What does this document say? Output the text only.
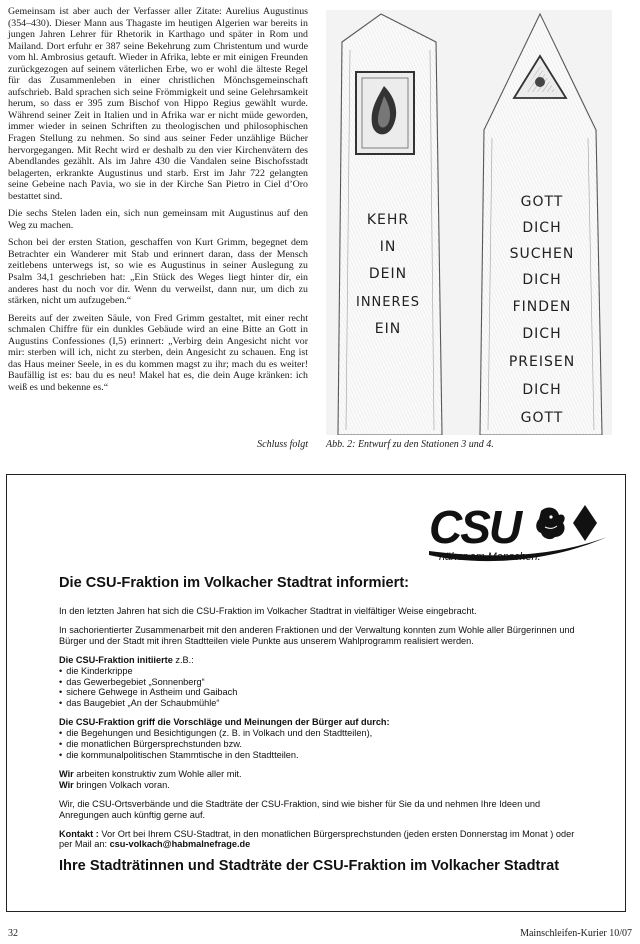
Gemeinsam ist aber auch der Verfasser aller Zitate: Aurelius Augustinus (354–430). Dieser Mann aus Thagaste im heutigen Algerien war bereits in jungen Jahren Lehrer für Rhetorik in Karthago und später in Rom und Mailand. Dort erfuhr er 387 seine Bekehrung zum Christentum und wurde vom hl. Ambrosius getauft. Wieder in Afrika, lebte er mit einigen Freunden zurückgezogen auf seinem väterlichen Erbe, wo er wohl die älteste Regel für das Zusammenleben in einer christlichen Mönchsgemeinschaft aufschrieb. Bald sprachen sich seine Frömmigkeit und seine Gelehrsamkeit herum, so dass er 395 zum Bischof von Hippo Regius gewählt wurde. Während seiner Zeit in Italien und in Afrika war er nicht müde geworden, immer wieder in seinen Schriften zu theologischen und philosophischen Fragen Stellung zu nehmen. So sind aus seiner Feder unzählige Bücher hervorgegangen. Mit Recht wird er deshalb zu den vier Kirchenvätern des Abendlandes gezählt. Als im Jahre 430 die Vandalen seine Bischofsstadt belagerten, erkrankte Augustinus und starb. Erst im Jahr 722 gelangten seine Gebeine nach Pavia, wo sie in der Kirche San Pietro in Ciel d’Oro bestattet sind.

Die sechs Stelen laden ein, sich nun gemeinsam mit Augustinus auf den Weg zu machen.

Schon bei der ersten Station, geschaffen von Kurt Grimm, begegnet dem Betrachter ein Wanderer mit Stab und erinnert daran, dass der Mensch zeitlebens unterwegs ist, so wie es Augustinus in seiner Auslegung zu Psalm 34,1 geschrieben hat: „Ein Stück des Weges liegt hinter dir, ein anderes hast du noch vor dir. Wenn du verweilst, dann nur, um dich zu stärken, nicht um aufzugeben.“

Bereits auf der zweiten Säule, von Fred Grimm gestaltet, mit einer recht schmalen Chiffre für ein dunkles Gebäude wird an eine Bitte an Gott in Augustins Confessiones (I,5) erinnert: „Verbirg dein Angesicht nicht vor mir: sterben will ich, nicht zu sterben, dein Angesicht zu schauen. Eng ist das Haus meiner Seele, in es du kommen magst zu ihr; mach du es weiter! Baufällig ist es: bau du es neu! Makel hat es, die dein Auge kränken: ich weiß es und bekenne es.“

Schluss folgt
KEHR
IN
DEIN
INNERES
EIN
GOTT
DICH
SUCHEN
DICH
FINDEN
DICH
PREISEN
DICH
GOTT
Abb. 2: Entwurf zu den Stationen 3 und 4.
CSU
näher am Menschen.
Die CSU-Fraktion im Volkacher Stadtrat informiert:

In den letzten Jahren hat sich die CSU-Fraktion im Volkacher Stadtrat in vielfältiger Weise eingebracht.

In sachorientierter Zusammenarbeit mit den anderen Fraktionen und der Verwaltung konnten zum Wohle aller Bürgerinnen und Bürger und der Stadt mit ihren Stadtteilen viele Punkte aus unserem Wahlprogramm realisiert werden.

Die CSU-Fraktion initiierte z.B.:
• die Kinderkrippe
• das Gewerbegebiet „Sonnenberg“
• sichere Gehwege in Astheim und Gaibach
• das Baugebiet „An der Schaubmühle“
Die CSU-Fraktion griff die Vorschläge und Meinungen der Bürger auf durch:
• die Begehungen und Besichtigungen (z. B. in Volkach und den Stadtteilen),
• die monatlichen Bürgersprechstunden bzw.
• die kommunalpolitischen Stammtische in den Stadtteilen.
Wir arbeiten konstruktiv zum Wohle aller mit.

Wir bringen Volkach voran.

Wir, die CSU-Ortsverbände und die Stadträte der CSU-Fraktion, sind wie bisher für Sie da und nehmen Ihre Ideen und Anregungen auch künftig gerne auf.

Kontakt : Vor Ort bei Ihrem CSU-Stadtrat, in den monatlichen Bürgersprechstunden (jeden ersten Donnerstag im Monat ) oder per Mail an: csu-volkach@habmalnefrage.de

Ihre Stadträtinnen und Stadträte der CSU-Fraktion im Volkacher Stadtrat
32	Mainschleifen-Kurier 10/07
